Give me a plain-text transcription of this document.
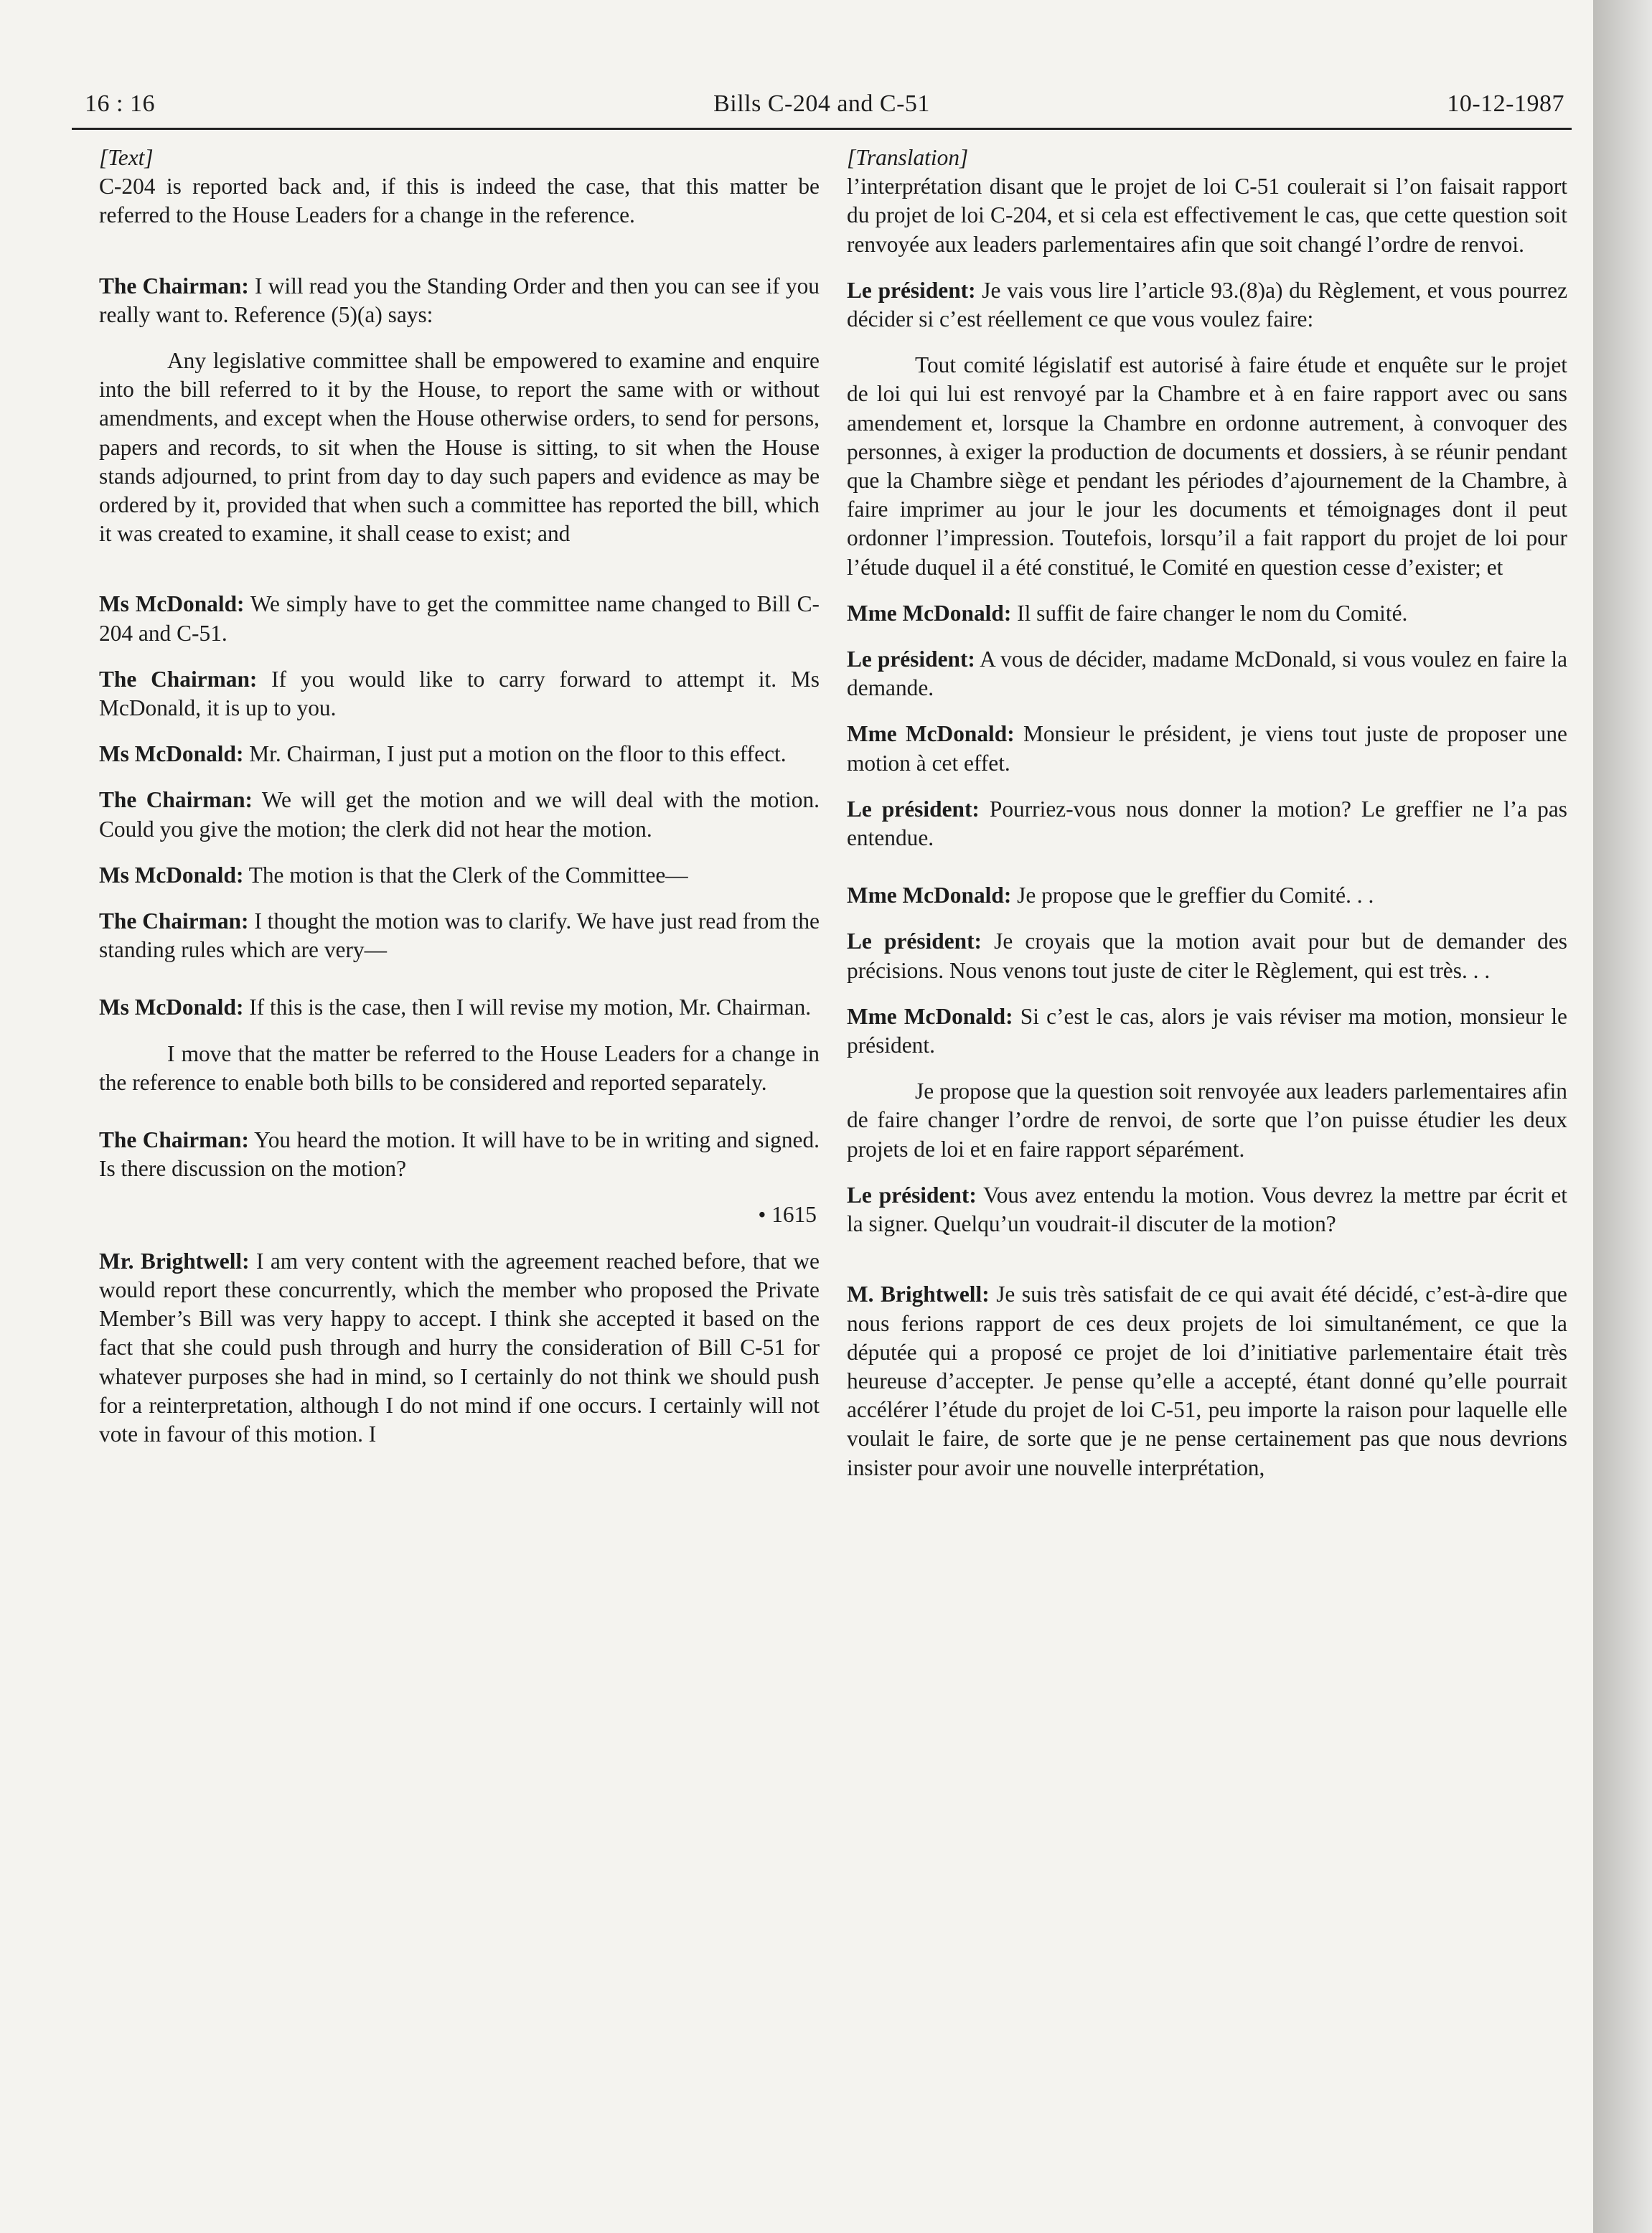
16 : 16	Bills C-204 and C-51	10-12-1987

[Text]

C-204 is reported back and, if this is indeed the case, that this matter be referred to the House Leaders for a change in the reference.

The Chairman: I will read you the Standing Order and then you can see if you really want to. Reference (5)(a) says:

Any legislative committee shall be empowered to examine and enquire into the bill referred to it by the House, to report the same with or without amendments, and except when the House otherwise orders, to send for persons, papers and records, to sit when the House is sitting, to sit when the House stands adjourned, to print from day to day such papers and evidence as may be ordered by it, provided that when such a committee has reported the bill, which it was created to examine, it shall cease to exist; and

Ms McDonald: We simply have to get the committee name changed to Bill C-204 and C-51.

The Chairman: If you would like to carry forward to attempt it. Ms McDonald, it is up to you.

Ms McDonald: Mr. Chairman, I just put a motion on the floor to this effect.

The Chairman: We will get the motion and we will deal with the motion. Could you give the motion; the clerk did not hear the motion.

Ms McDonald: The motion is that the Clerk of the Committee—

The Chairman: I thought the motion was to clarify. We have just read from the standing rules which are very—

Ms McDonald: If this is the case, then I will revise my motion, Mr. Chairman.

I move that the matter be referred to the House Leaders for a change in the reference to enable both bills to be considered and reported separately.

The Chairman: You heard the motion. It will have to be in writing and signed. Is there discussion on the motion?

• 1615

Mr. Brightwell: I am very content with the agreement reached before, that we would report these concurrently, which the member who proposed the Private Member’s Bill was very happy to accept. I think she accepted it based on the fact that she could push through and hurry the consideration of Bill C-51 for whatever purposes she had in mind, so I certainly do not think we should push for a reinterpretation, although I do not mind if one occurs. I certainly will not vote in favour of this motion. I

[Translation]

l’interprétation disant que le projet de loi C-51 coulerait si l’on faisait rapport du projet de loi C-204, et si cela est effectivement le cas, que cette question soit renvoyée aux leaders parlementaires afin que soit changé l’ordre de renvoi.

Le président: Je vais vous lire l’article 93.(8)a) du Règlement, et vous pourrez décider si c’est réellement ce que vous voulez faire:

Tout comité législatif est autorisé à faire étude et enquête sur le projet de loi qui lui est renvoyé par la Chambre et à en faire rapport avec ou sans amendement et, lorsque la Chambre en ordonne autrement, à convoquer des personnes, à exiger la production de documents et dossiers, à se réunir pendant que la Chambre siège et pendant les périodes d’ajournement de la Chambre, à faire imprimer au jour le jour les documents et témoignages dont il peut ordonner l’impression. Toutefois, lorsqu’il a fait rapport du projet de loi pour l’étude duquel il a été constitué, le Comité en question cesse d’exister; et

Mme McDonald: Il suffit de faire changer le nom du Comité.

Le président: A vous de décider, madame McDonald, si vous voulez en faire la demande.

Mme McDonald: Monsieur le président, je viens tout juste de proposer une motion à cet effet.

Le président: Pourriez-vous nous donner la motion? Le greffier ne l’a pas entendue.

Mme McDonald: Je propose que le greffier du Comité. . .

Le président: Je croyais que la motion avait pour but de demander des précisions. Nous venons tout juste de citer le Règlement, qui est très. . .

Mme McDonald: Si c’est le cas, alors je vais réviser ma motion, monsieur le président.

Je propose que la question soit renvoyée aux leaders parlementaires afin de faire changer l’ordre de renvoi, de sorte que l’on puisse étudier les deux projets de loi et en faire rapport séparément.

Le président: Vous avez entendu la motion. Vous devrez la mettre par écrit et la signer. Quelqu’un voudrait-il discuter de la motion?

M. Brightwell: Je suis très satisfait de ce qui avait été décidé, c’est-à-dire que nous ferions rapport de ces deux projets de loi simultanément, ce que la députée qui a proposé ce projet de loi d’initiative parlementaire était très heureuse d’accepter. Je pense qu’elle a accepté, étant donné qu’elle pourrait accélérer l’étude du projet de loi C-51, peu importe la raison pour laquelle elle voulait le faire, de sorte que je ne pense certainement pas que nous devrions insister pour avoir une nouvelle interprétation,
